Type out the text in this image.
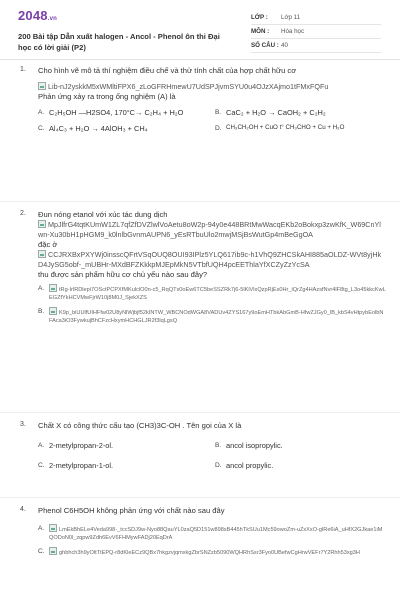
2048.vn
200 Bài tập Dẫn xuất halogen - Ancol - Phenol ôn thi Đại học có lời giải (P2)
LỚP :	Lớp 11
MÔN :	Hóa học
SỐ CÂU : 40
1. Cho hình vẽ mô tả thí nghiệm điều chế và thử tính chất của hợp chất hữu cơ
Lib-nJ2yskkM5xWMltiFPX6_zLoGFRHmewU7UdSPJjvmSYU0u4OJzXAjmo1tFMxFQFu
Phản ứng xảy ra trong ống nghiệm (A) là
A. C₂H₅OH —H2SO4, 170°C→ C₂H₄ + H₂O	B. CaC₂ + H₂O → CaOH₂ + C₂H₂
C. Al₄C₃ + H₂O → 4AlOH₃ + CH₄	D. CH₃CH₂OH + CuO t° CH₃CHO + Cu + H₂O
2. Đun nóng etanol với xúc tác dung dịch
MpJlfrG4tqtKUmW1ZL7qfZfDVZlwlVoAetu8oW2p-94y0e448BRtMwWacqEKb2oBokxp3zwKfK_W69CnYlwn-Xu30bH1pHGM9_k0lnlbGvnmAUPN6_yEsRTbuUlo2mwjMSjBsWutGp4mBeGgOA
đặc ở
CCJRXBxPXYWj0insscQFrtVSqOUQ8OUI93IPlz5YLQ617ib9c-h1VhQ9ZHCSkAHI885aOLDZ-WVt8yjHkD4JySG5obf-_mUBHr-MXdBFZKkkpMJEpMkN5VTbfUQH4pcEEThlaYfXCZyZzYcSA
thu được sản phẩm hữu cơ chủ yếu nào sau đây?
A.	tRg-IrlRDlepi7OSctPCPXfMKulclO0n-c5_RqQTx0oEw6TC5beSSZRk7j6-5lKiVlxQzpRjEs0Hr_iQrZg4HAzsfNvr4lF8tg_L3o45kkcKwLEGZfYkHCVMwFjrW10j8M0J_SjekXZS
B.	K9p_biUUlfUIHFfw02U8yNlWjbjf52kINTW_WBCNOdWGA8VADUv4ZYS167y9oEmHTbkAbGmB-HfwZJGy0_lB_kbS4vHtpybEolbNFAca3iO3FywkujBhCFzcHxymHCHGLJR2f3lqLgsQ
3. Chất X có công thức cấu tạo (CH3)3C-OH . Tên gọi của X là
A. 2-metylpropan-2-ol.	B. ancol isopropylic.
C. 2-metylpropan-1-ol.	D. ancol propylic.
4. Phenol C6H5OH không phản ứng với chất nào sau đây
A.	LmEkBhELe4Veda998-_tccSDJ9w-Nyo88QauYL0zaQ5D151w898sB445hTkSUu1Mc59owoZm-uZxXxO-glRe6iA_uHfX2GJkae1iMQODoN0l_zqpw9Zdh6EvV6FHMywFADj20EqDrA
C.	ghbhch3h9yOltTtEPQ-r8dKleECz9QBx7hkgzvjqmxkgZbrSNZzb5090WQHRhSsr3Fyo0UBefwCgHrwVEFr7Y2Rhh53xg3H
